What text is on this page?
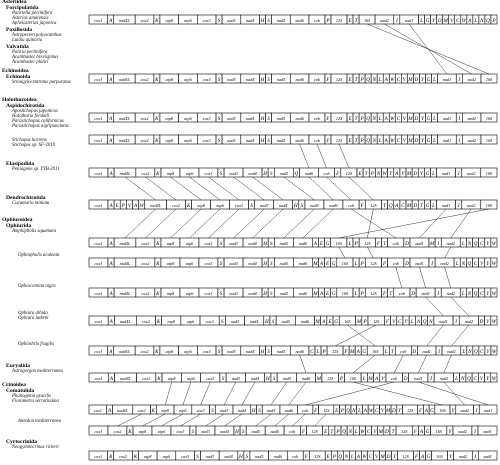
Asteriidea
Forcipulatida
Patiriella pectinifera
Asterias amurensis
Aphelasterias japonica
Paxillosida
Astropecten polyacanthus
Luidia quinaria
Valvatida
Patiria pectinifera
Acanthaster brevispinus
Acanthaster planci
Echinoidea
Echinoida
Strongylocentrotus purpuratus
Holothuroidea
Aspidochirotida
Apostichopus japonicus
Holothuria forskali
Parastichopus californicus
Parastichopus nigripunctatus
Stichopus horrens
Stichopus sp. SF-2010
Elasipodida
Peniagone sp. YYB-2011
Dendrochirotida
Cucumaria miniata
Ophiuroidea
Ophiurida
Amphipholis squamata
Ophiopholis aculeata
Ophiocomina nigra
Ophiura albida
Ophiura lutkeni
Ophiothrix fragilis
Euryalida
Astrogorgon mediterranea
Crinoidea
Comatulida
Phanogenia gracilis
Florometra serratissima
Antedon mediterranea
Cyrtocrinida
Neogymnocrinus richeri
cox1 A nad4L	cox2 K atp8	atp6	cox3 S nad3 nad4 H S nad5 nad6 cob P 12S E T 16S nad2 I nad1 L G Y D M V C W A L N Q P
cox1 A nad4L	cox2 K atp8	atp6	cox3 S nad3 nad4 H S nad5 nad6 cob F 12S E T P Q N L A W C V M D Y G L nad1 I nad2 16S
cox1 A nad4L	cox2 K atp8	atp6	cox3 S nad3 nad4 H S nad5 nad6 cob F 12S E T P Q N L A W C V M D Y G L nad1 I nad2 16S
cox1 A nad4L	cox2 K atp8	atp6	cox3 S nad3 nad4 H S nad5 nad6 cob F 12S E T P Q N L A W C V M D Y G L nad1 I nad2 16S
cox1 A nad4L	cox2 K atp8	atp6	cox3 S nad3	nad4 H S nad5 Q nad6 cob F 12S E T P N W Y A V M D Y G L nad1 I nad2 16S
cox1 A E P V A W nad4L	cox2 K atp8	atp6	cox3 S nad3	nad4 H S nad5	nad6 cob F 12S T Q A C M D T G L nad1 I nad2 16S
cox1 A nad4L	cox2 K atp8	atp6	cox3 S nad3	nad4 H S nad5	nad6 A E G 16S L P 12S F T cob D nad1 M I nad2 L N Q C Y W
cox1 A nad4L	cox2 K atp8	atp6	cox3 S nad3	nad4 H S nad5	nad6 M A E G 16S L P 12S F cob D nad1 I nad2 L N Q C V Y W
cox1 A nad4L	cox2 K atp8	atp6	cox3 S nad3	nad4 H S nad5	nad6 M A E G 16S L P 12S F T cob D nad1 I nad2 L N Q C Y W
cox1 A nad4L	cox2 K atp8	atp6	cox3 S nad3	nad4 H S nad5	nad6 M A E G 16S M P 12S F V C V L A Q N nad1 I nad2 D V W
cox1 A nad4L	cox2 K atp8	atp6	cox3 S nad3 nad4 H S nad5 nad6 C L P 12S F M A G 16S L T cob D nad1 I nad2 L N Q C Y W
cox1 A nad4L	cox2 K atp8	atp6	cox3 S nad3	nad4 H S nad5	nad6 M 12S P 16S L M A V cob D nad1 I nad2 L N Q C V Y W
cox1 A nad4L cox2 K atp8 atp6 cox3 S nad3 nad4 H S nad5 nad6 cob F 12S E P Q N L A W C V M D T 12S F A G 16S Y nad2 I nad1
cox1	cox2 K atp8	atp6	cox3 S nad3	nad4 H S nad5	nad6 cob F 12S E T P Q N L W C V M D T 12S F A G 16S Y nad2 I nad1
cox1 R cox2 K atp8	atp6	cox3 S nad3 nad4 H S nad5 nad6 cob F 12S E P Q N L A W C V M D T 12S F A G 16S Y nad2 I nad1
